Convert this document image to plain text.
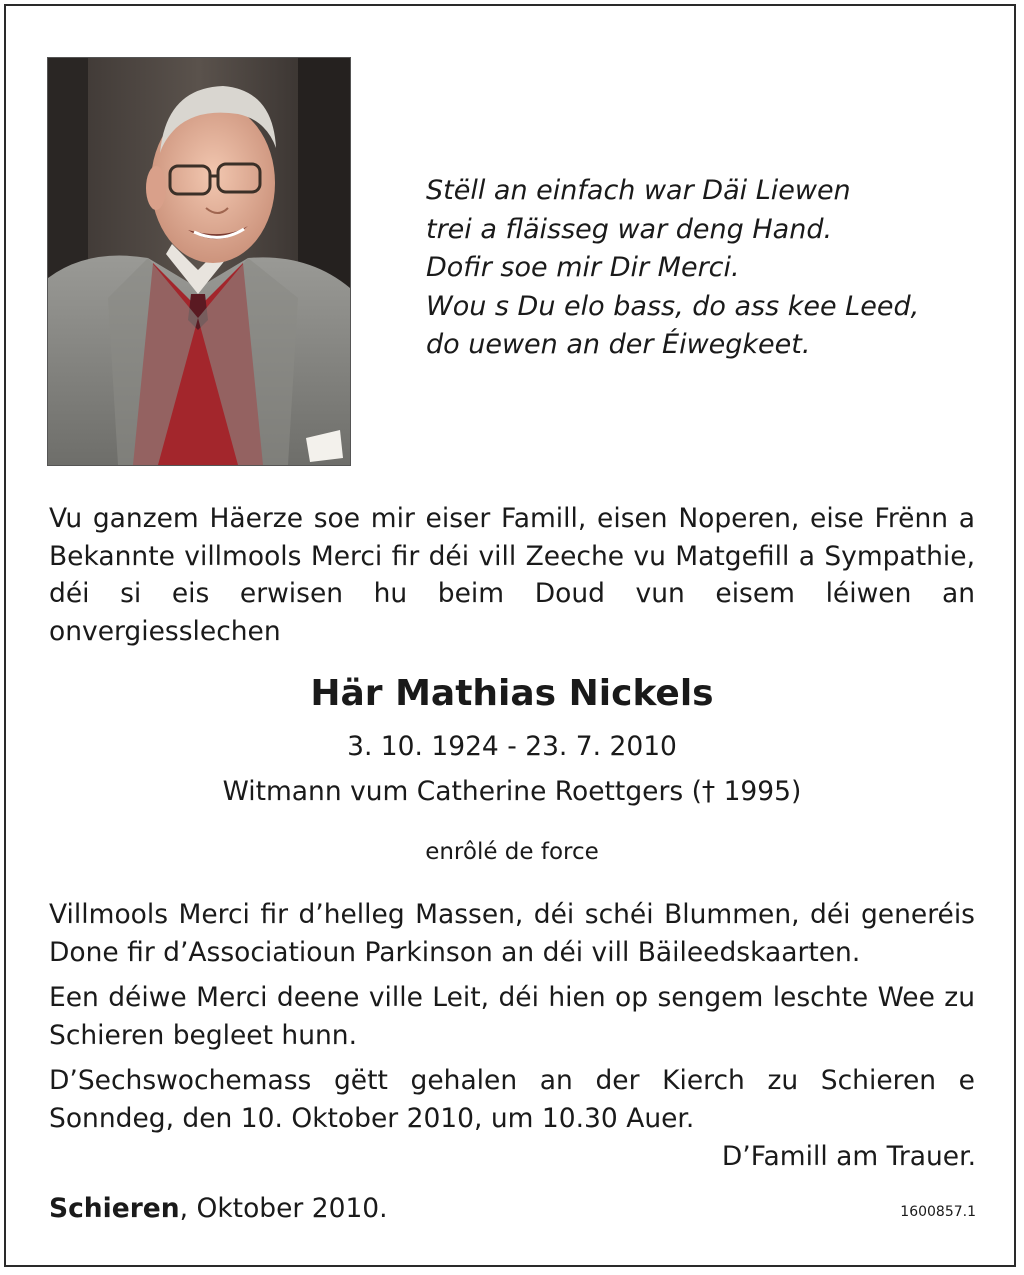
Stëll an einfach war Däi Liewen
trei a fläisseg war deng Hand.
Dofir soe mir Dir Merci.
Wou s Du elo bass, do ass kee Leed,
do uewen an der Éiwegkeet.
Vu ganzem Häerze soe mir eiser Famill, eisen Noperen, eise Frënn a Bekannte villmools Merci fir déi vill Zeeche vu Matgefill a Sympathie, déi si eis erwisen hu beim Doud vun eisem léiwen an onvergiesslechen
Här Mathias Nickels
3. 10. 1924 - 23. 7. 2010
Witmann vum Catherine Roettgers († 1995)
enrôlé de force
Villmools Merci fir d’helleg Massen, déi schéi Blummen, déi generéis Done fir d’Associatioun Parkinson an déi vill Bäileedskaarten.
Een déiwe Merci deene ville Leit, déi hien op sengem leschte Wee zu Schieren begleet hunn.
D’Sechswochemass gëtt gehalen an der Kierch zu Schieren e Sonndeg, den 10. Oktober 2010, um 10.30 Auer.
D’Famill am Trauer.
Schieren, Oktober 2010.	1600857.1
